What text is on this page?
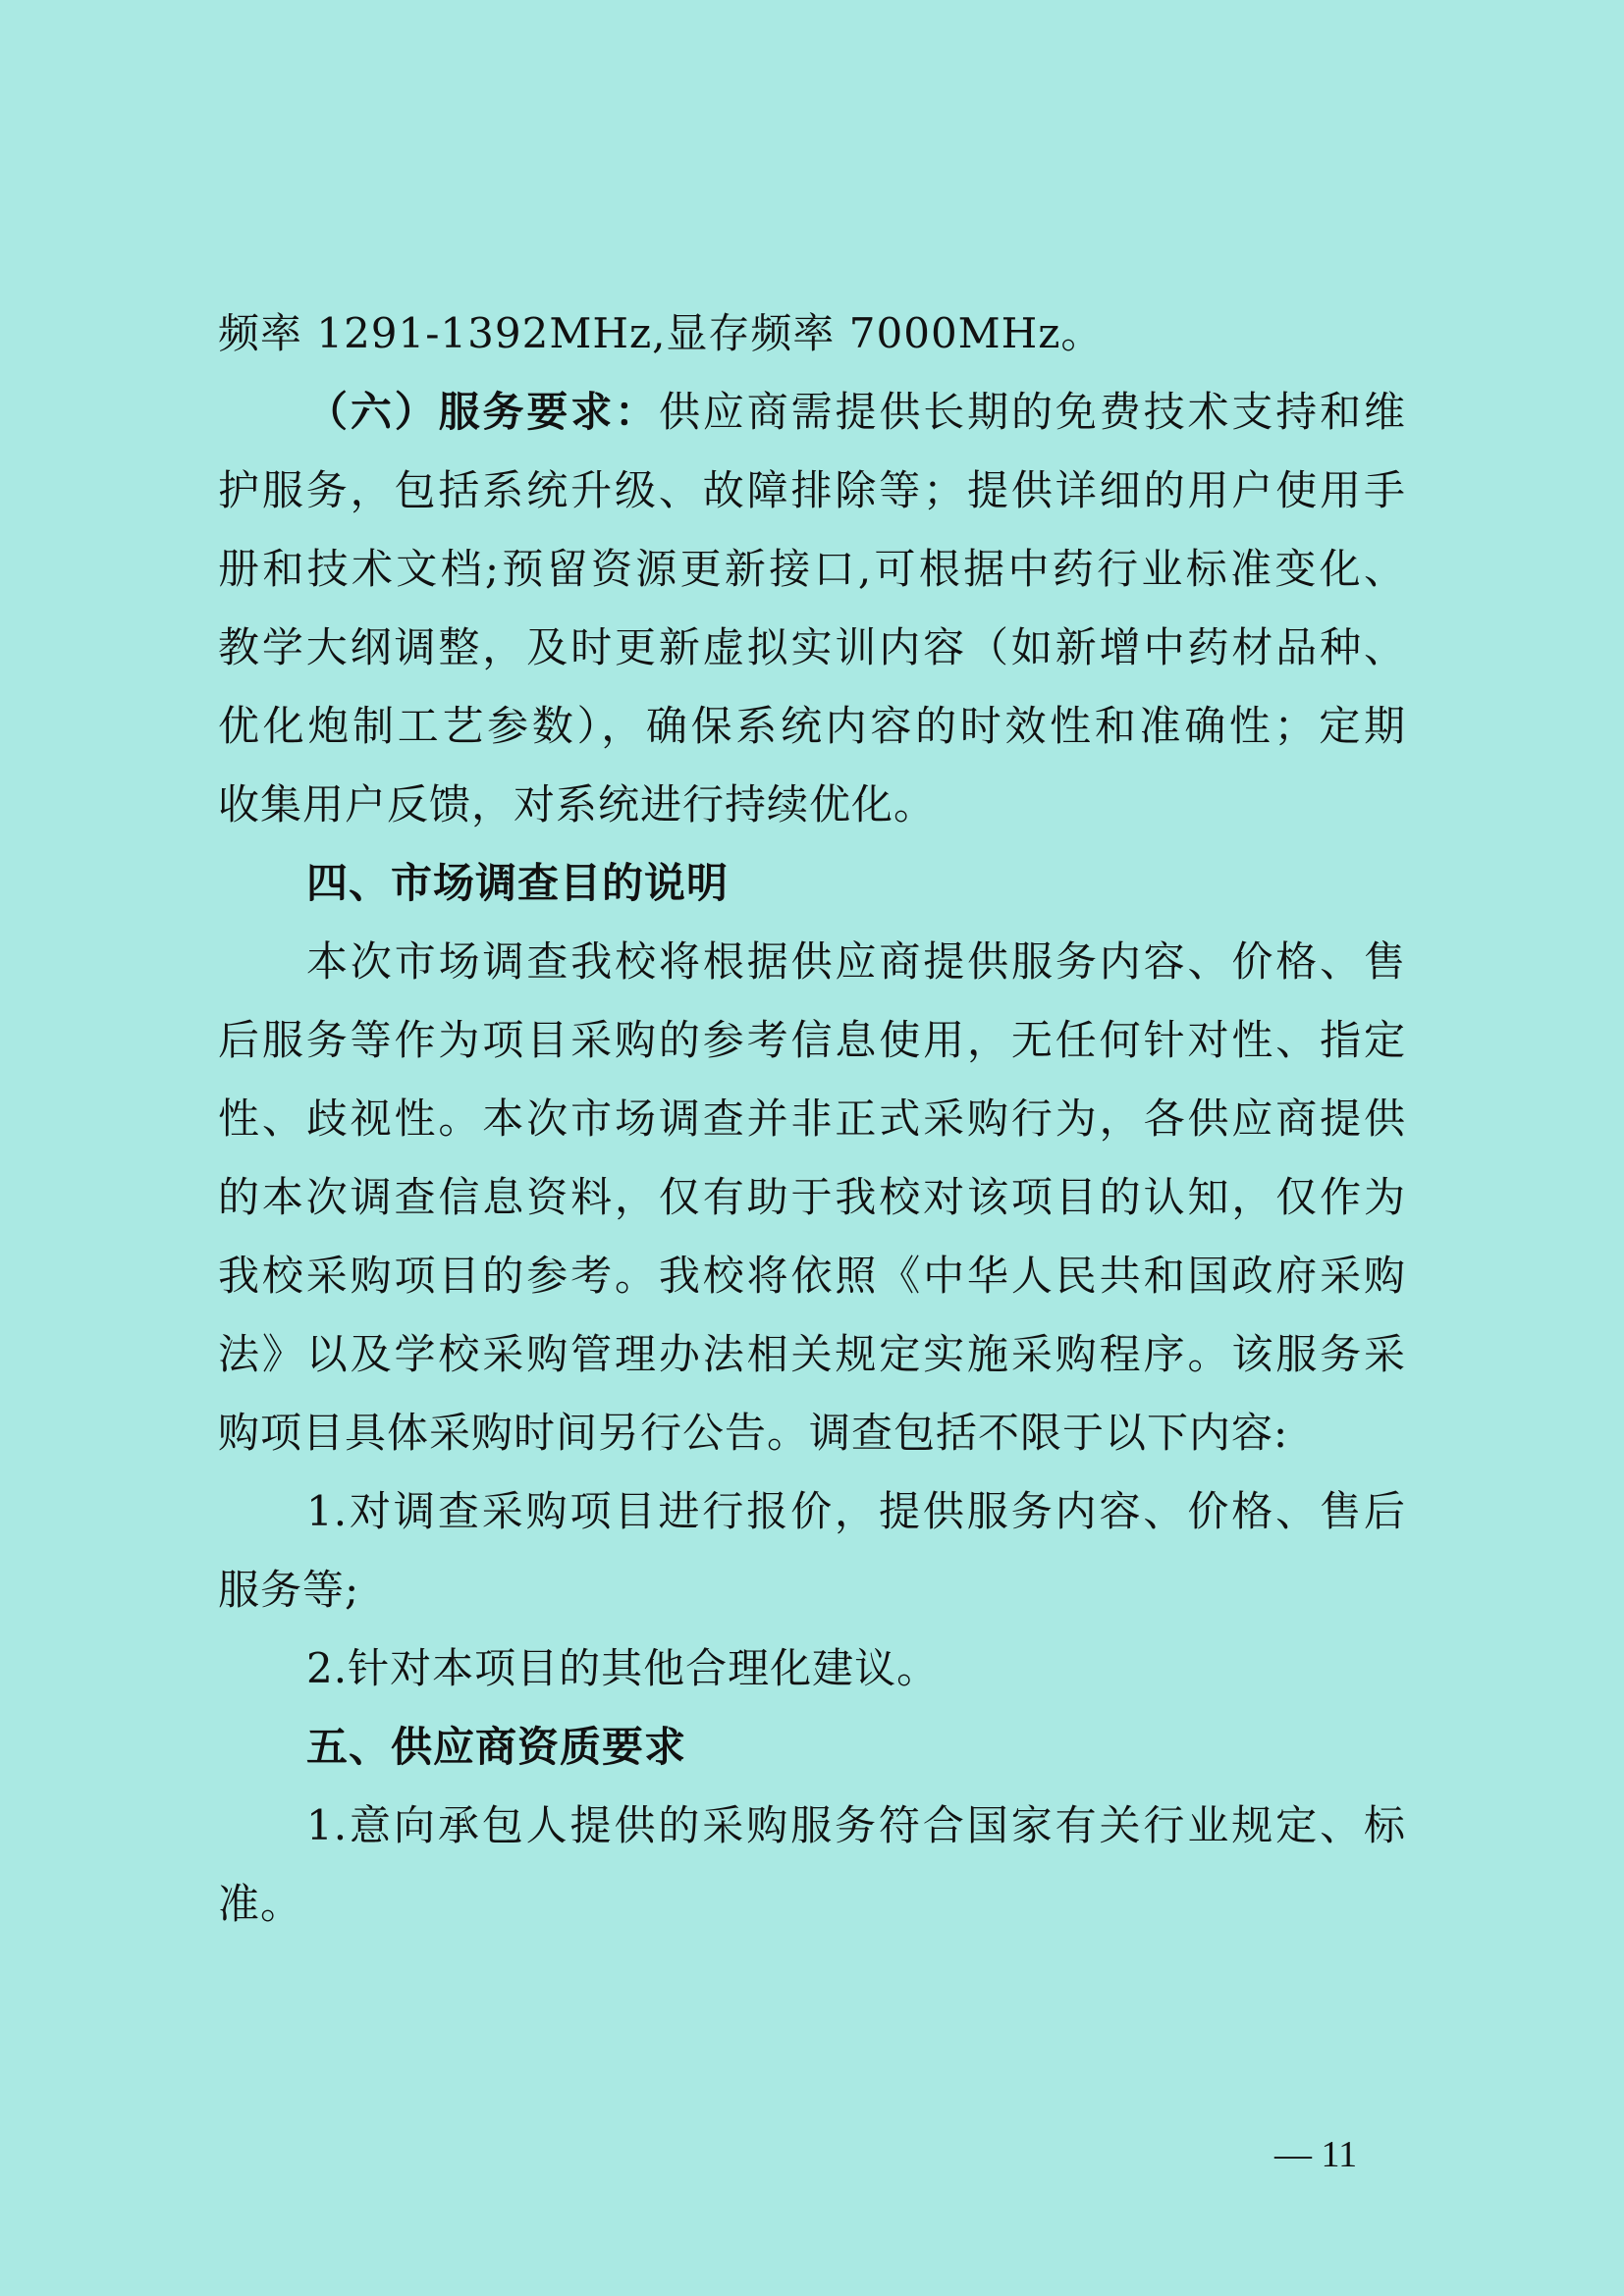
频率 1291-1392MHz,显存频率 7000MHz。
（六）服务要求：供应商需提供长期的免费技术支持和维
护服务，包括系统升级、故障排除等；提供详细的用户使用手
册和技术文档;预留资源更新接口,可根据中药行业标准变化、
教学大纲调整，及时更新虚拟实训内容（如新增中药材品种、
优化炮制工艺参数），确保系统内容的时效性和准确性；定期
收集用户反馈，对系统进行持续优化。
四、市场调查目的说明
本次市场调查我校将根据供应商提供服务内容、价格、售
后服务等作为项目采购的参考信息使用，无任何针对性、指定
性、歧视性。本次市场调查并非正式采购行为，各供应商提供
的本次调查信息资料，仅有助于我校对该项目的认知，仅作为
我校采购项目的参考。我校将依照《中华人民共和国政府采购
法》以及学校采购管理办法相关规定实施采购程序。该服务采
购项目具体采购时间另行公告。调查包括不限于以下内容:
1.对调查采购项目进行报价，提供服务内容、价格、售后
服务等;
2.针对本项目的其他合理化建议。
五、供应商资质要求
1.意向承包人提供的采购服务符合国家有关行业规定、标
准。
— 11
